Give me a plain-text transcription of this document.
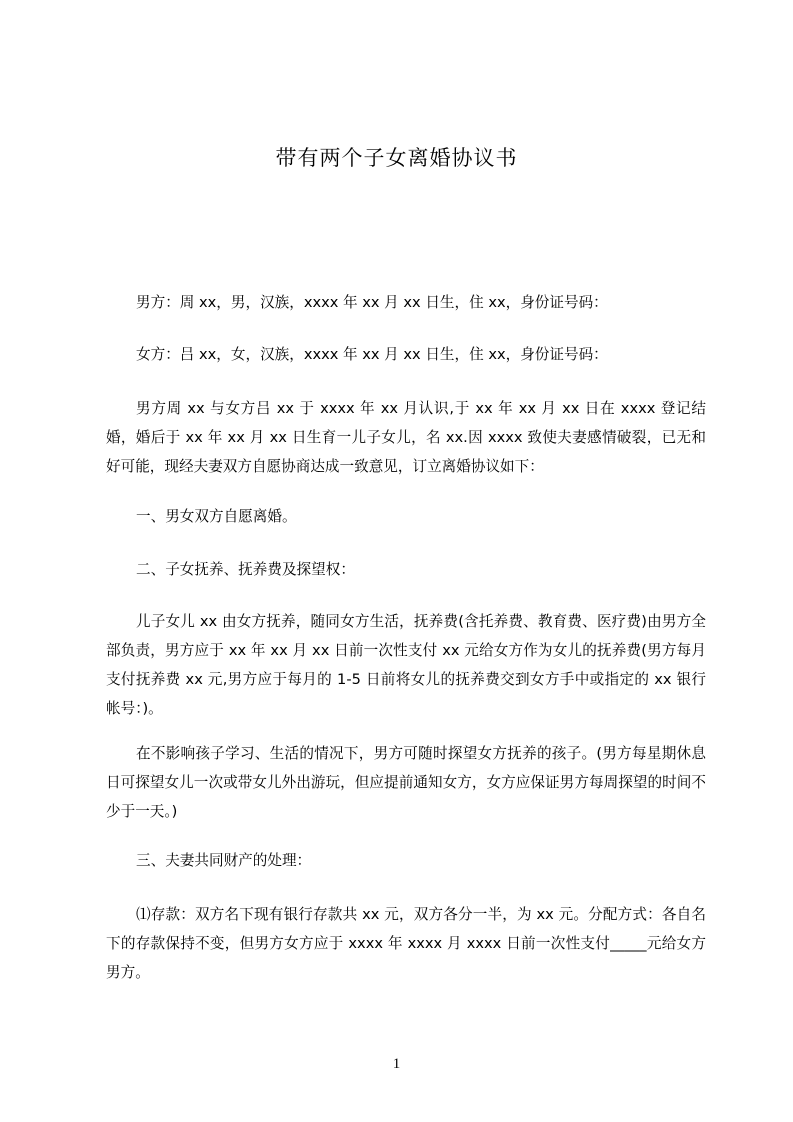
带有两个子女离婚协议书

男方：周 xx，男，汉族，xxxx 年 xx 月 xx 日生，住 xx，身份证号码：

女方：吕 xx，女，汉族，xxxx 年 xx 月 xx 日生，住 xx，身份证号码：

男方周 xx 与女方吕 xx 于 xxxx 年 xx 月认识,于 xx 年 xx 月 xx 日在 xxxx 登记结婚，婚后于 xx 年 xx 月 xx 日生育一儿子女儿，名 xx.因 xxxx 致使夫妻感情破裂，已无和好可能，现经夫妻双方自愿协商达成一致意见，订立离婚协议如下：

一、男女双方自愿离婚。

二、子女抚养、抚养费及探望权：

儿子女儿 xx 由女方抚养，随同女方生活，抚养费(含托养费、教育费、医疗费)由男方全部负责，男方应于 xx 年 xx 月 xx 日前一次性支付 xx 元给女方作为女儿的抚养费(男方每月支付抚养费 xx 元,男方应于每月的 1-5 日前将女儿的抚养费交到女方手中或指定的 xx 银行帐号：)。

在不影响孩子学习、生活的情况下，男方可随时探望女方抚养的孩子。(男方每星期休息日可探望女儿一次或带女儿外出游玩，但应提前通知女方，女方应保证男方每周探望的时间不少于一天。)

三、夫妻共同财产的处理：

⑴存款：双方名下现有银行存款共 xx 元，双方各分一半，为 xx 元。分配方式：各自名下的存款保持不变，但男方女方应于 xxxx 年 xxxx 月 xxxx 日前一次性支付_____元给女方男方。

1
